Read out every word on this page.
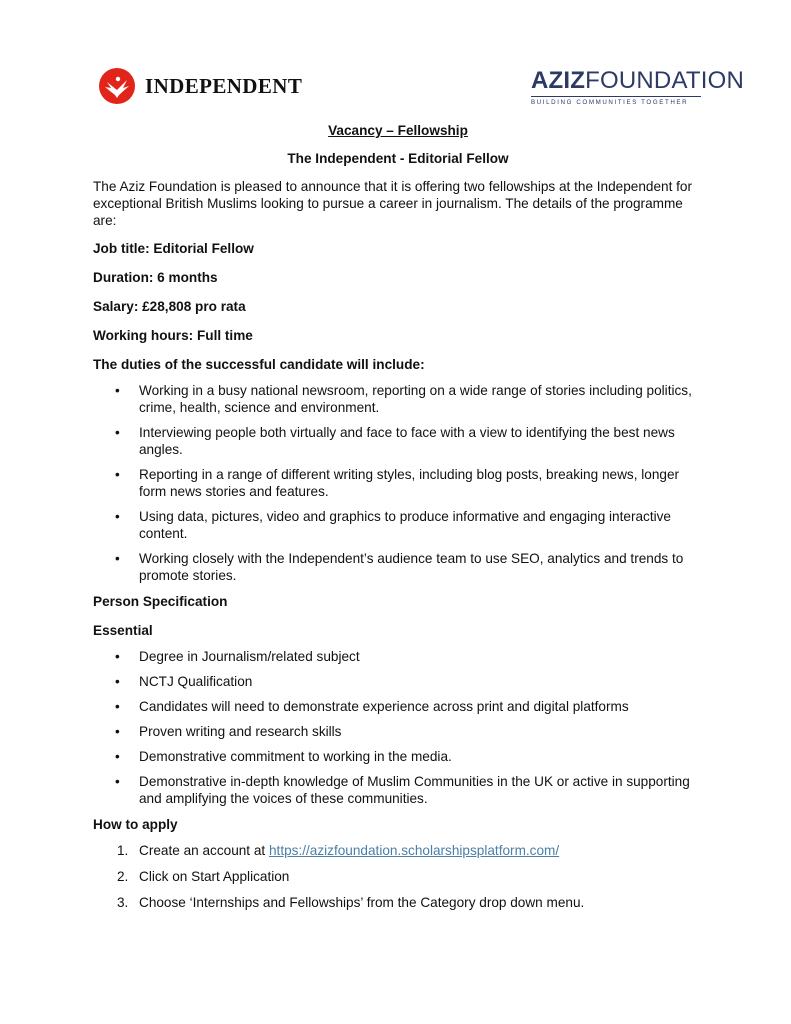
INDEPENDENT	AZIZFOUNDATION
BUILDING COMMUNITIES TOGETHER

Vacancy – Fellowship

The Independent - Editorial Fellow

The Aziz Foundation is pleased to announce that it is offering two fellowships at the Independent for exceptional British Muslims looking to pursue a career in journalism. The details of the programme are:

Job title: Editorial Fellow

Duration: 6 months

Salary: £28,808 pro rata

Working hours: Full time

The duties of the successful candidate will include:

• Working in a busy national newsroom, reporting on a wide range of stories including politics, crime, health, science and environment.
• Interviewing people both virtually and face to face with a view to identifying the best news angles.
• Reporting in a range of different writing styles, including blog posts, breaking news, longer form news stories and features.
• Using data, pictures, video and graphics to produce informative and engaging interactive content.
• Working closely with the Independent’s audience team to use SEO, analytics and trends to promote stories.

Person Specification

Essential

• Degree in Journalism/related subject
• NCTJ Qualification
• Candidates will need to demonstrate experience across print and digital platforms
• Proven writing and research skills
• Demonstrative commitment to working in the media.
• Demonstrative in-depth knowledge of Muslim Communities in the UK or active in supporting and amplifying the voices of these communities.

How to apply

1. Create an account at https://azizfoundation.scholarshipsplatform.com/
2. Click on Start Application
3. Choose ‘Internships and Fellowships’ from the Category drop down menu.
